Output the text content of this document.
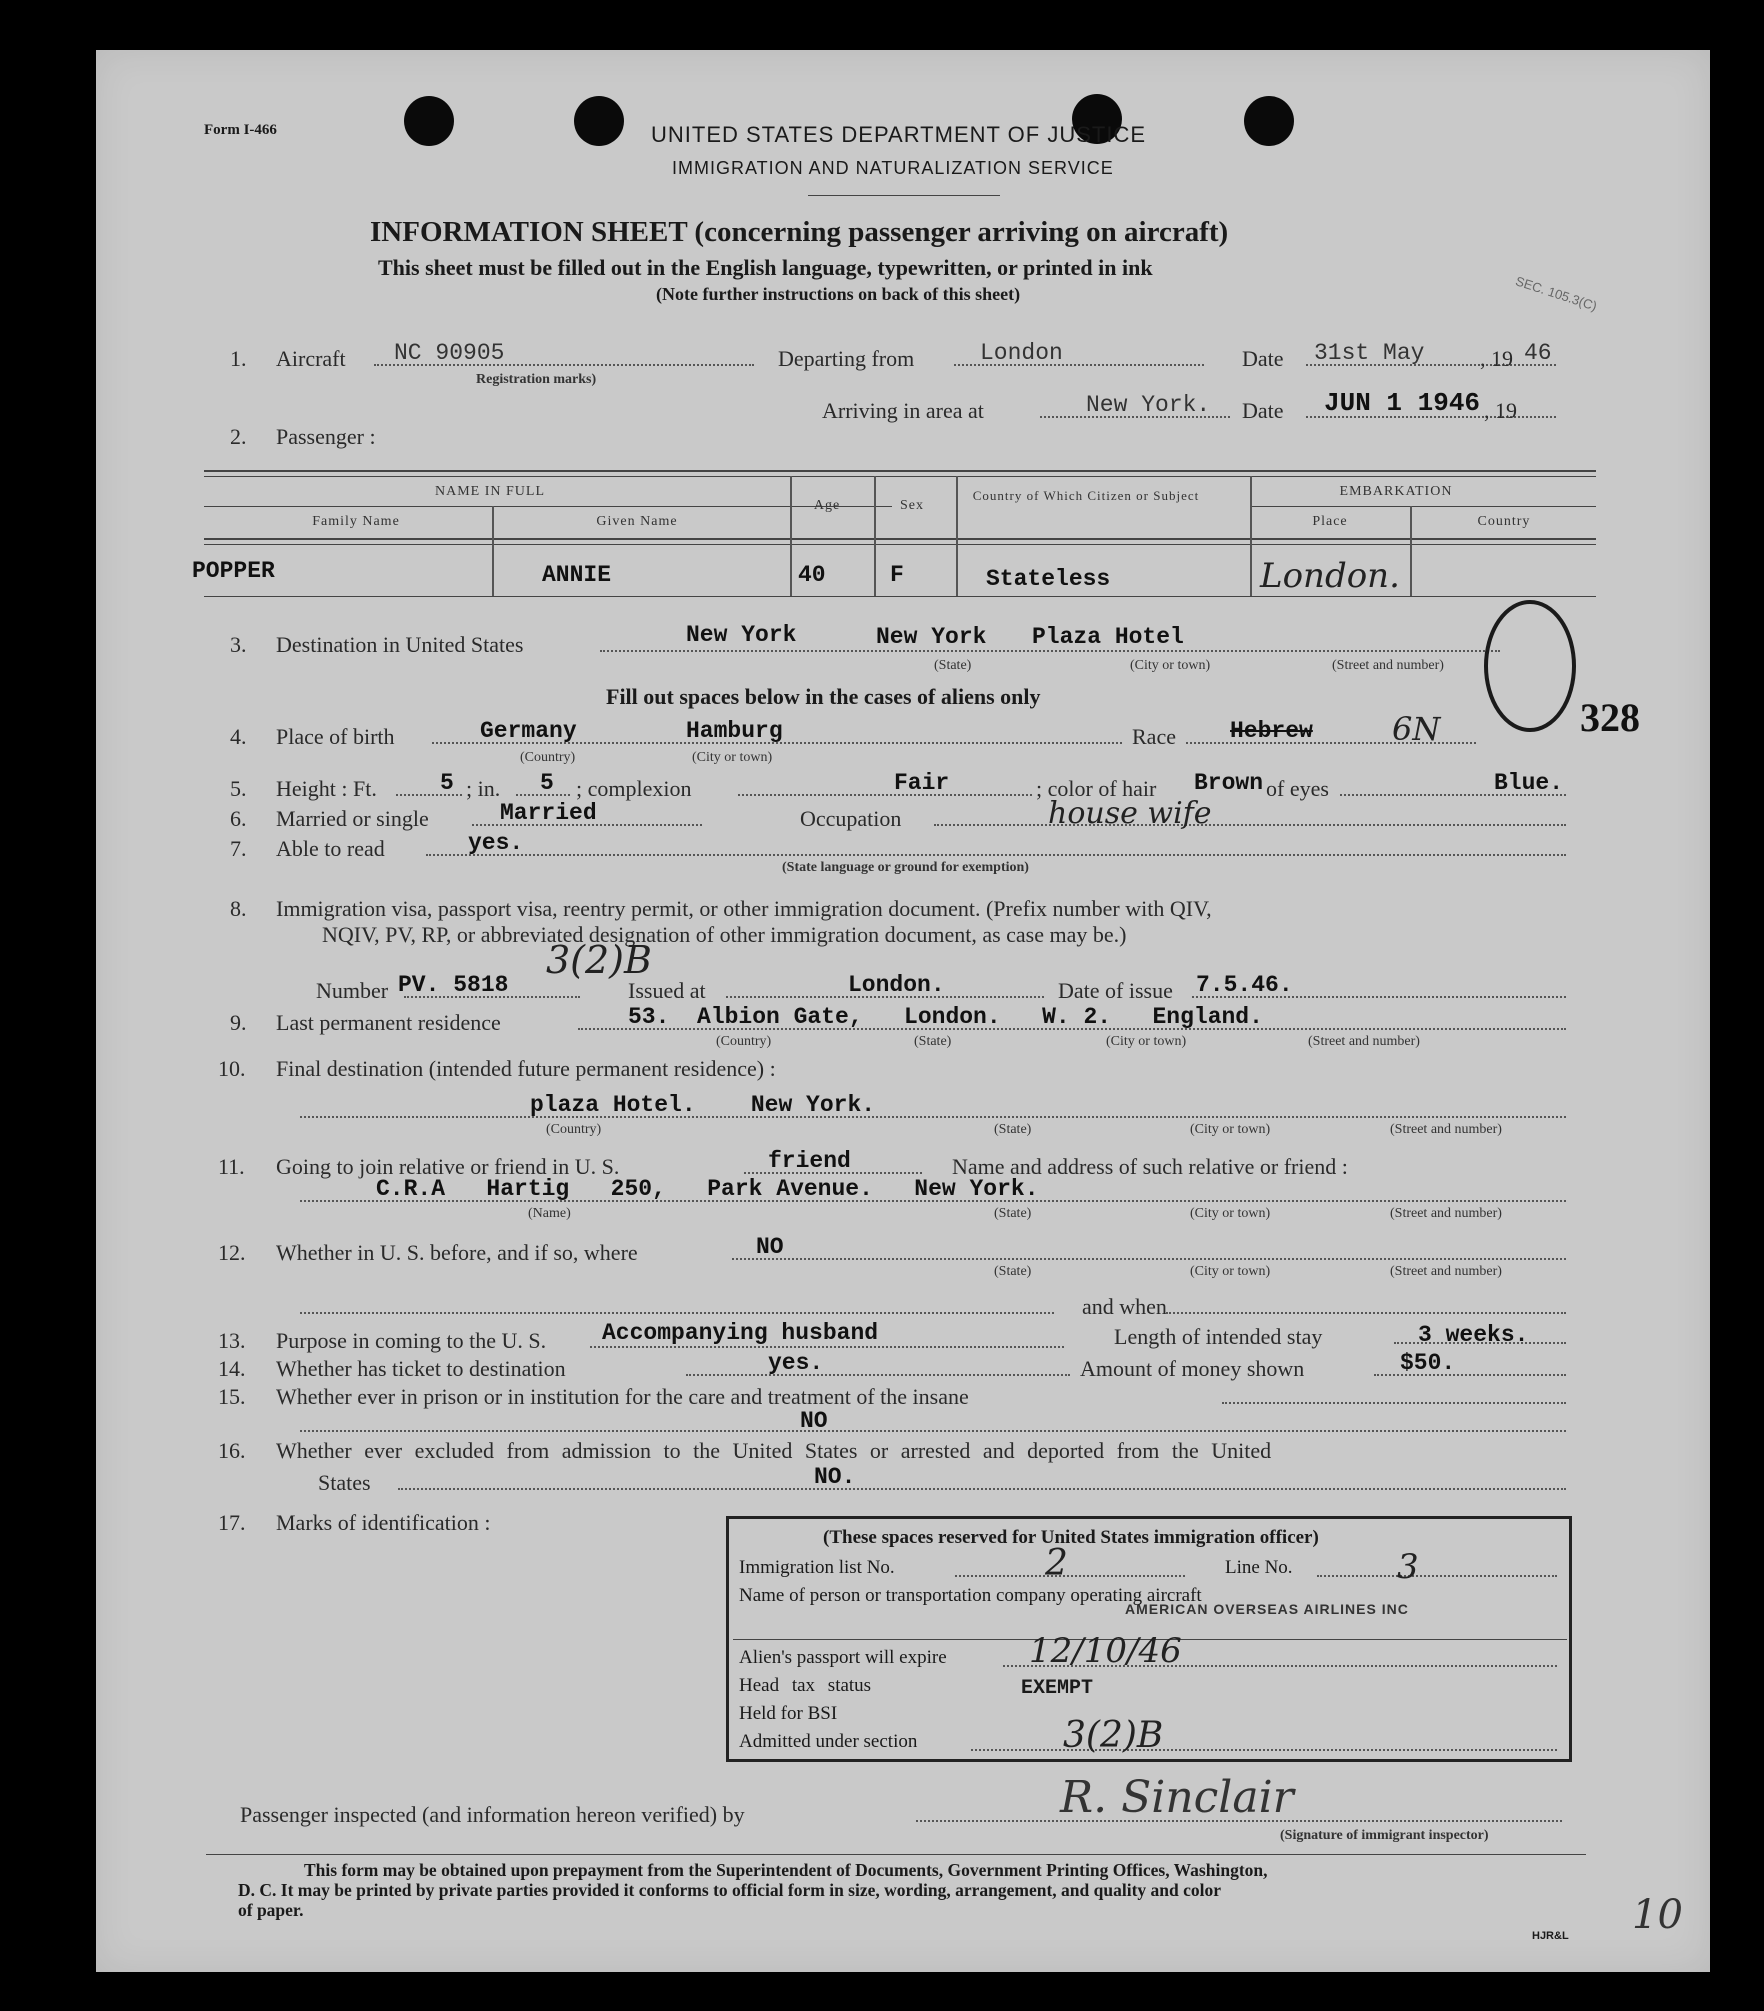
Form I-466	UNITED STATES DEPARTMENT OF JUSTICE
IMMIGRATION AND NATURALIZATION SERVICE
INFORMATION SHEET (concerning passenger arriving on aircraft)
This sheet must be filled out in the English language, typewritten, or printed in ink
(Note further instructions on back of this sheet)	SEC. 105.3(C)
1. Aircraft NC 90905
Registration marks)
Departing from	London	Date 31st May	, 19 46
Arriving in area at	New York. Date JUN 1 1946 , 19
2. Passenger :
NAME IN FULL
Family Name	Given Name
Age	Sex
Country of Which Citizen or Subject	EMBARKATION
Place	Country
POPPER	ANNIE	40	F	Stateless	London.
3. Destination in United States	New York	New York Plaza Hotel
(State)	(City or town)	(Street and number)
Fill out spaces below in the cases of aliens only	328
4. Place of birth	Germany	Hamburg
(Country)	(City or town)
Race Hebrew 6N
5. Height : Ft.	5 ; in. 5 ; complexion	Fair	; color of hair Brown of eyes	Blue.
6. Married or single	Married	Occupation	house wife
7. Able to read	yes.
(State language or ground for exemption)
8. Immigration visa, passport visa, reentry permit, or other immigration document. (Prefix number with QIV,
NQIV, PV, RP, or abbreviated designation of other immigration document, as case may be.)
3(2)B
Number PV. 5818	Issued at	London.	Date of issue 7.5.46.
9. Last permanent residence	53.  Albion Gate,   London.   W. 2.   England.
(Country)	(State)	(City or town)	(Street and number)
10. Final destination (intended future permanent residence) :
plaza Hotel.    New York.
(Country)	(State)	(City or town)	(Street and number)
11. Going to join relative or friend in U. S.	friend	Name and address of such relative or friend :
C.R.A   Hartig   250,   Park Avenue.   New York.
(Name)	(State)	(City or town)	(Street and number)
12. Whether in U. S. before, and if so, where	NO
(State)	(City or town)	(Street and number)
and when
13. Purpose in coming to the U. S. Accompanying husband	Length of intended stay	3 weeks.
14. Whether has ticket to destination	yes.	Amount of money shown	$50.
15. Whether ever in prison or in institution for the care and treatment of the insane
NO
16. Whether ever excluded from admission to the United States or arrested and deported from the United
States	NO.
17. Marks of identification :
(These spaces reserved for United States immigration officer)
Immigration list No.	2	Line No.	3
Name of person or transportation company operating aircraft
AMERICAN OVERSEAS AIRLINES INC
Alien's passport will expire 12/10/46
Head tax status	EXEMPT
Held for BSI
Admitted under section	3(2)B
Passenger inspected (and information hereon verified) by	R. Sinclair
(Signature of immigrant inspector)
This form may be obtained upon prepayment from the Superintendent of Documents, Government Printing Offices, Washington,
D. C. It may be printed by private parties provided it conforms to official form in size, wording, arrangement, and quality and color
of paper.
HJR&L 10
